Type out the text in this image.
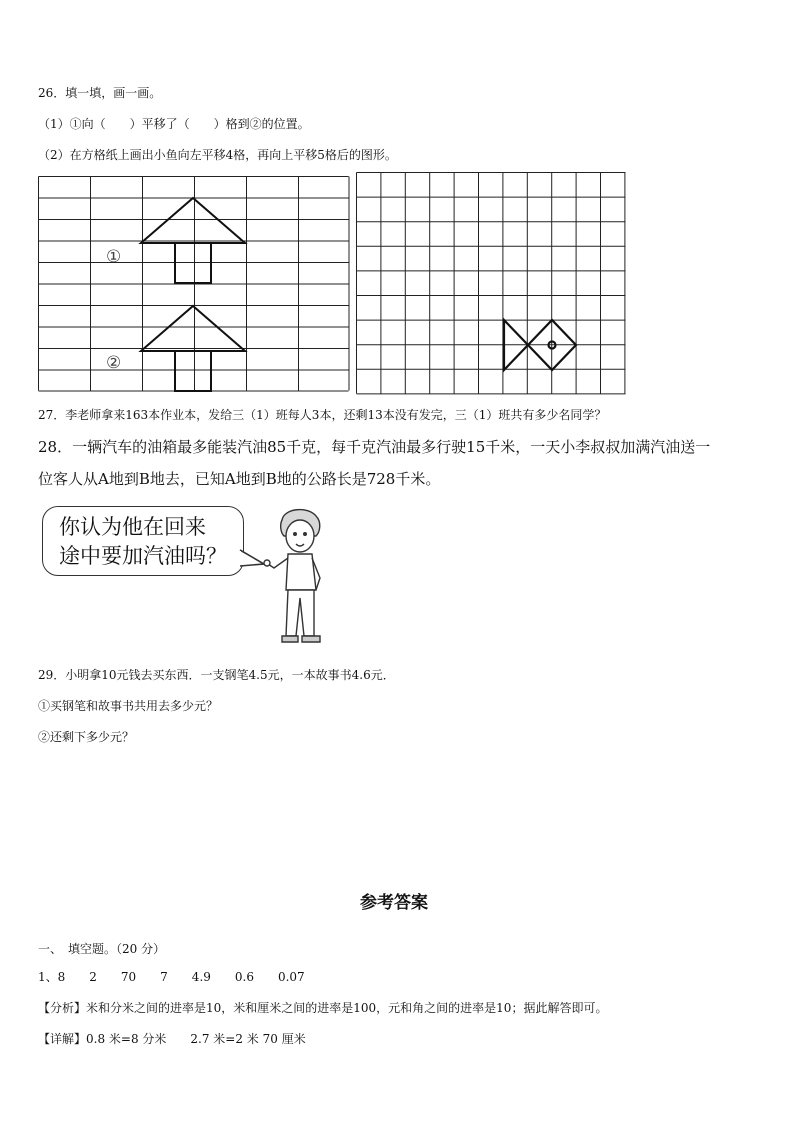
26．填一填，画一画。
（1）①向（　　）平移了（　　）格到②的位置。
（2）在方格纸上画出小鱼向左平移4格，再向上平移5格后的图形。
①
②
27．李老师拿来163本作业本，发给三（1）班每人3本，还剩13本没有发完，三（1）班共有多少名同学？
28．一辆汽车的油箱最多能装汽油85千克，每千克汽油最多行驶15千米，一天小李叔叔加满汽油送一
位客人从A地到B地去，已知A地到B地的公路长是728千米。
你认为他在回来
途中要加汽油吗？
29．小明拿10元钱去买东西．一支钢笔4.5元，一本故事书4.6元．
①买钢笔和故事书共用去多少元？
②还剩下多少元？
参考答案
一、　填空题。（20 分）
1、8　　2　　70　　7　　4.9　　0.6　　0.07
【分析】米和分米之间的进率是10，米和厘米之间的进率是100，元和角之间的进率是10；据此解答即可。
【详解】0.8 米=8 分米　　2.7 米=2 米 70 厘米
